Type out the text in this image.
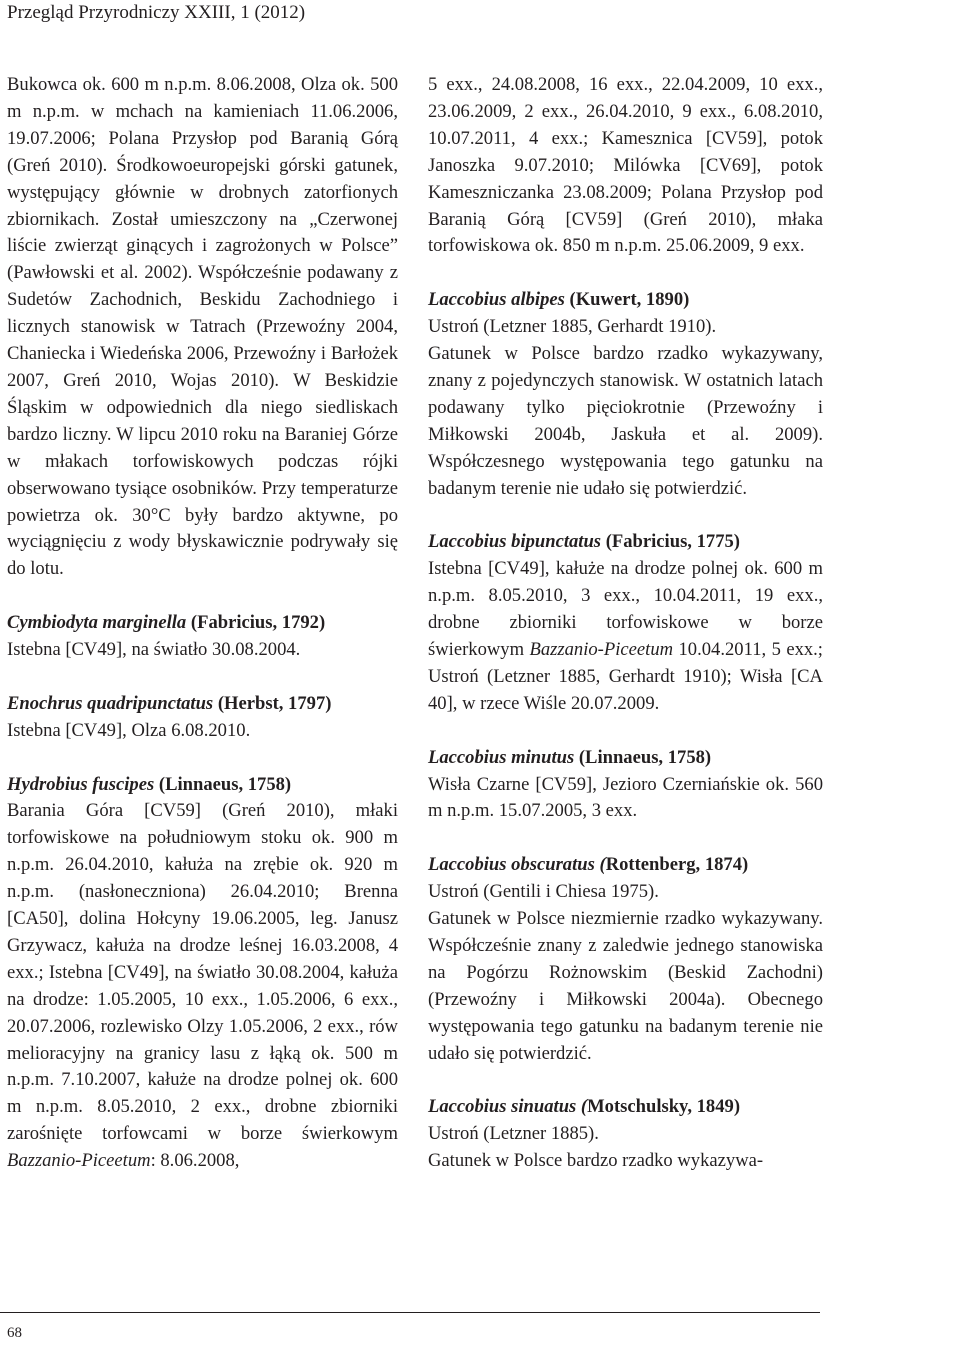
Przegląd Przyrodniczy XXIII, 1 (2012)

Bukowca ok. 600 m n.p.m. 8.06.2008, Olza ok. 500 m n.p.m. w mchach na kamieniach 11.06.2006, 19.07.2006; Polana Przysłop pod Baranią Górą (Greń 2010). Środkowoeuropejski górski gatunek, występujący głównie w drobnych zatorfionych zbiornikach. Został umieszczony na „Czerwonej liście zwierząt ginących i zagrożonych w Polsce” (Pawłowski et al. 2002). Współcześnie podawany z Sudetów Zachodnich, Beskidu Zachodniego i licznych stanowisk w Tatrach (Przewoźny 2004, Chaniecka i Wiedeńska 2006, Przewoźny i Barłożek 2007, Greń 2010, Wojas 2010). W Beskidzie Śląskim w odpowiednich dla niego siedliskach bardzo liczny. W lipcu 2010 roku na Baraniej Górze w młakach torfowiskowych podczas rójki obserwowano tysiące osobników. Przy temperaturze powietrza ok. 30°C były bardzo aktywne, po wyciągnięciu z wody błyskawicznie podrywały się do lotu.

Cymbiodyta marginella (Fabricius, 1792)
Istebna [CV49], na światło 30.08.2004.
Enochrus quadripunctatus (Herbst, 1797)
Istebna [CV49], Olza 6.08.2010.
Hydrobius fuscipes (Linnaeus, 1758)

Barania Góra [CV59] (Greń 2010), młaki torfowiskowe na południowym stoku ok. 900 m n.p.m. 26.04.2010, kałuża na zrębie ok. 920 m n.p.m. (nasłoneczniona) 26.04.2010; Brenna [CA50], dolina Hołcyny 19.06.2005, leg. Janusz Grzywacz, kałuża na drodze leśnej 16.03.2008, 4 exx.; Istebna [CV49], na światło 30.08.2004, kałuża na drodze: 1.05.2005, 10 exx., 1.05.2006, 6 exx., 20.07.2006, rozlewisko Olzy 1.05.2006, 2 exx., rów melioracyjny na granicy lasu z łąką ok. 500 m n.p.m. 7.10.2007, kałuże na drodze polnej ok. 600 m n.p.m. 8.05.2010, 2 exx., drobne zbiorniki zarośnięte torfowcami w borze świerkowym Bazzanio-Piceetum: 8.06.2008,

5 exx., 24.08.2008, 16 exx., 22.04.2009, 10 exx., 23.06.2009, 2 exx., 26.04.2010, 9 exx., 6.08.2010, 10.07.2011, 4 exx.; Kamesznica [CV59], potok Janoszka 9.07.2010; Milówka [CV69], potok Kameszniczanka 23.08.2009; Polana Przysłop pod Baranią Górą [CV59] (Greń 2010), młaka torfowiskowa ok. 850 m n.p.m. 25.06.2009, 9 exx.

Laccobius albipes (Kuwert, 1890)
Ustroń (Letzner 1885, Gerhardt 1910).

Gatunek w Polsce bardzo rzadko wykazywany, znany z pojedynczych stanowisk. W ostatnich latach podawany tylko pięciokrotnie (Przewoźny i Miłkowski 2004b, Jaskuła et al. 2009). Współczesnego występowania tego gatunku na badanym terenie nie udało się potwierdzić.

Laccobius bipunctatus (Fabricius, 1775)

Istebna [CV49], kałuże na drodze polnej ok. 600 m n.p.m. 8.05.2010, 3 exx., 10.04.2011, 19 exx., drobne zbiorniki torfowiskowe w borze świerkowym Bazzanio-Piceetum 10.04.2011, 5 exx.; Ustroń (Letzner 1885, Gerhardt 1910); Wisła [CA 40], w rzece Wiśle 20.07.2009.

Laccobius minutus (Linnaeus, 1758)

Wisła Czarne [CV59], Jezioro Czerniańskie ok. 560 m n.p.m. 15.07.2005, 3 exx.

Laccobius obscuratus (Rottenberg, 1874)
Ustroń (Gentili i Chiesa 1975).

Gatunek w Polsce niezmiernie rzadko wykazywany. Współcześnie znany z zaledwie jednego stanowiska na Pogórzu Rożnowskim (Beskid Zachodni) (Przewoźny i Miłkowski 2004a). Obecnego występowania tego gatunku na badanym terenie nie udało się potwierdzić.

Laccobius sinuatus (Motschulsky, 1849)
Ustroń (Letzner 1885).
Gatunek w Polsce bardzo rzadko wykazywa-
68
